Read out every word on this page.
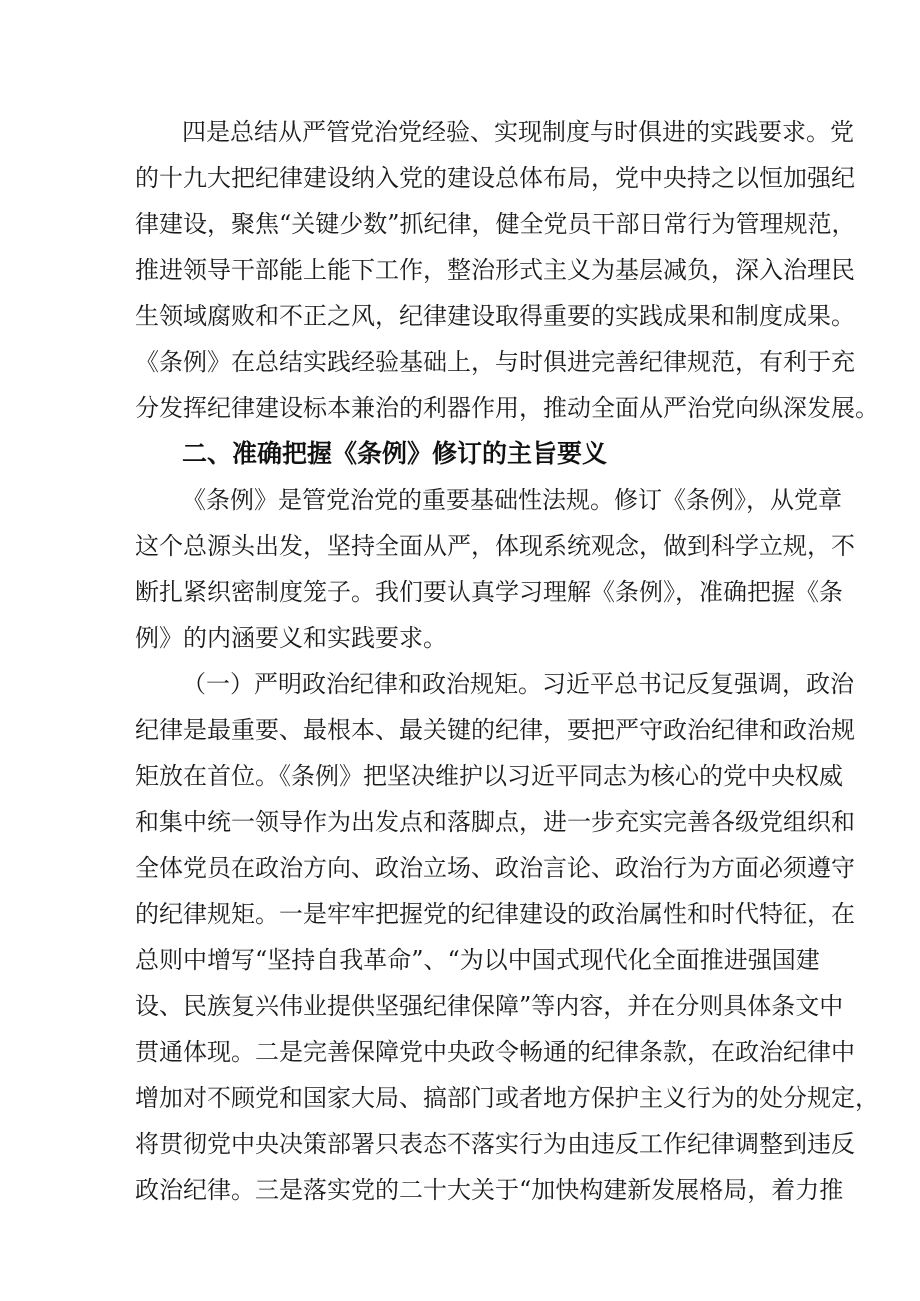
四是总结从严管党治党经验、实现制度与时俱进的实践要求。党
的十九大把纪律建设纳入党的建设总体布局，党中央持之以恒加强纪
律建设，聚焦“关键少数”抓纪律，健全党员干部日常行为管理规范，
推进领导干部能上能下工作，整治形式主义为基层减负，深入治理民
生领域腐败和不正之风，纪律建设取得重要的实践成果和制度成果。
《条例》在总结实践经验基础上，与时俱进完善纪律规范，有利于充
分发挥纪律建设标本兼治的利器作用，推动全面从严治党向纵深发展。
二、准确把握《条例》修订的主旨要义
《条例》是管党治党的重要基础性法规。修订《条例》，从党章
这个总源头出发，坚持全面从严，体现系统观念，做到科学立规，不
断扎紧织密制度笼子。我们要认真学习理解《条例》，准确把握《条
例》的内涵要义和实践要求。
（一）严明政治纪律和政治规矩。习近平总书记反复强调，政治
纪律是最重要、最根本、最关键的纪律，要把严守政治纪律和政治规
矩放在首位。《条例》把坚决维护以习近平同志为核心的党中央权威
和集中统一领导作为出发点和落脚点，进一步充实完善各级党组织和
全体党员在政治方向、政治立场、政治言论、政治行为方面必须遵守
的纪律规矩。一是牢牢把握党的纪律建设的政治属性和时代特征，在
总则中增写“坚持自我革命”、“为以中国式现代化全面推进强国建
设、民族复兴伟业提供坚强纪律保障”等内容，并在分则具体条文中
贯通体现。二是完善保障党中央政令畅通的纪律条款，在政治纪律中
增加对不顾党和国家大局、搞部门或者地方保护主义行为的处分规定，
将贯彻党中央决策部署只表态不落实行为由违反工作纪律调整到违反
政治纪律。三是落实党的二十大关于“加快构建新发展格局，着力推
